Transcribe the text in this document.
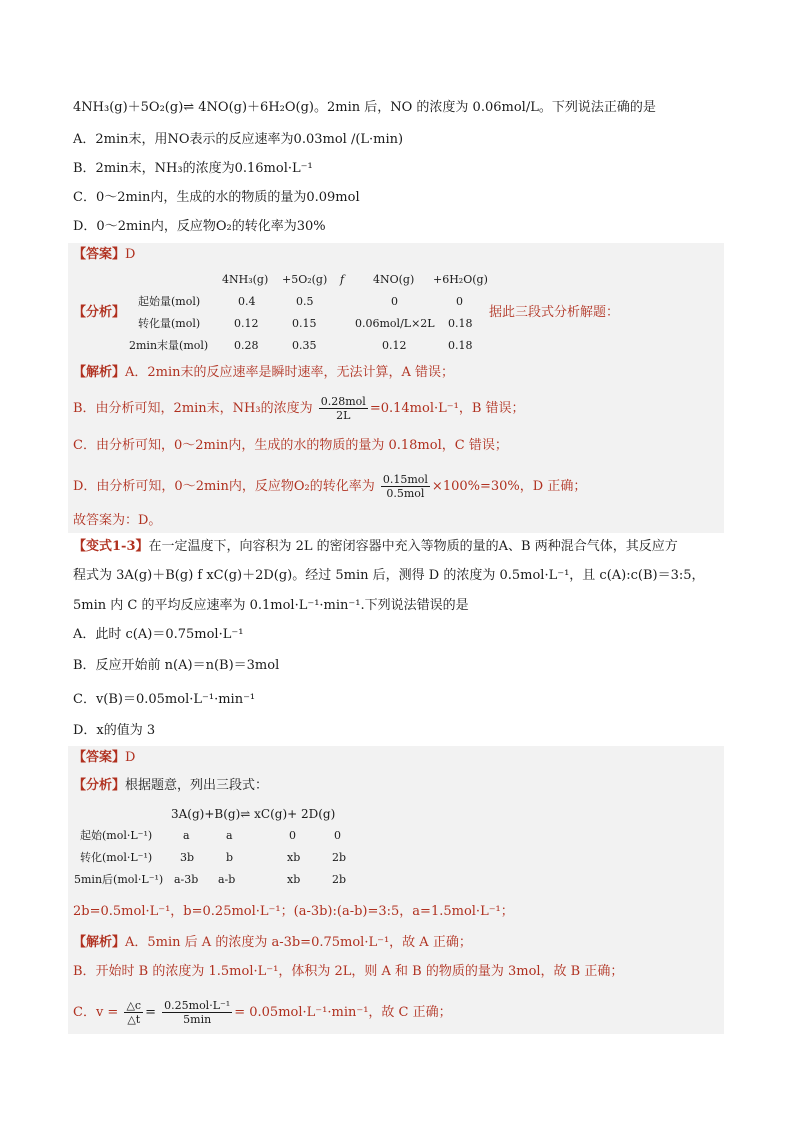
4NH₃(g)＋5O₂(g)⇌ 4NO(g)＋6H₂O(g)。2min 后，NO 的浓度为 0.06mol/L。下列说法正确的是
A．2min末，用NO表示的反应速率为0.03mol /(L·min)
B．2min末，NH₃的浓度为0.16mol·L⁻¹
C．0～2min内，生成的水的物质的量为0.09mol
D．0～2min内，反应物O₂的转化率为30%
【答案】D
【分析】
4NH₃(g) +5O₂(g) f	4NO(g) +6H₂O(g)
起始量(mol)	0.4	0.5	0	0
转化量(mol)	0.12	0.15	0.06mol/L×2L 0.18
2min末量(mol) 0.28	0.35	0.12	0.18
据此三段式分析解题：
【解析】A．2min末的反应速率是瞬时速率，无法计算，A 错误；
B．由分析可知，2min末，NH₃的浓度为 $\frac{\text{0.28mol}}{2L} =0.14mol\cdot L^{-1}$，B 错误；
C．由分析可知，0～2min内，生成的水的物质的量为 0.18mol，C 错误；
D．由分析可知，0～2min内，反应物O₂的转化率为 $\frac{\text{0.15mol}}{\text{0.5mol}} \times 100\%=30\%$，D 正确；
故答案为：D。
【变式1-3】在一定温度下，向容积为 2L 的密闭容器中充入等物质的量的A、B 两种混合气体，其反应方
程式为 3A(g)＋B(g) f xC(g)＋2D(g)。经过 5min 后，测得 D 的浓度为 0.5mol·L⁻¹，且 c(A):c(B)＝3:5，
5min 内 C 的平均反应速率为 0.1mol·L⁻¹·min⁻¹.下列说法错误的是
A．此时 c(A)＝0.75mol·L⁻¹
B．反应开始前 n(A)＝n(B)＝3mol
C．v(B)＝0.05mol·L⁻¹·min⁻¹
D．x的值为 3
【答案】D
【分析】根据题意，列出三段式：
3A(g)+B(g)⇌ xC(g)+ 2D(g)
起始(mol·L⁻¹)	a	a	0	0
转化(mol·L⁻¹)	3b	b	xb	2b
5min后(mol·L⁻¹) a-3b a-b	xb	2b
2b=0.5mol·L⁻¹，b=0.25mol·L⁻¹；(a-3b):(a-b)=3:5，a=1.5mol·L⁻¹；
【解析】A．5min 后 A 的浓度为 a-3b=0.75mol·L⁻¹，故 A 正确；
B．开始时 B 的浓度为 1.5mol·L⁻¹，体积为 2L，则 A 和 B 的物质的量为 3mol，故 B 正确；
C．$v = \frac{\triangle c}{\triangle t} = \frac{\text{0.25mol·L⁻¹}}{5\min} = 0.05mol\cdot L^{-1}\cdot\min^{-1}$，故 C 正确；
